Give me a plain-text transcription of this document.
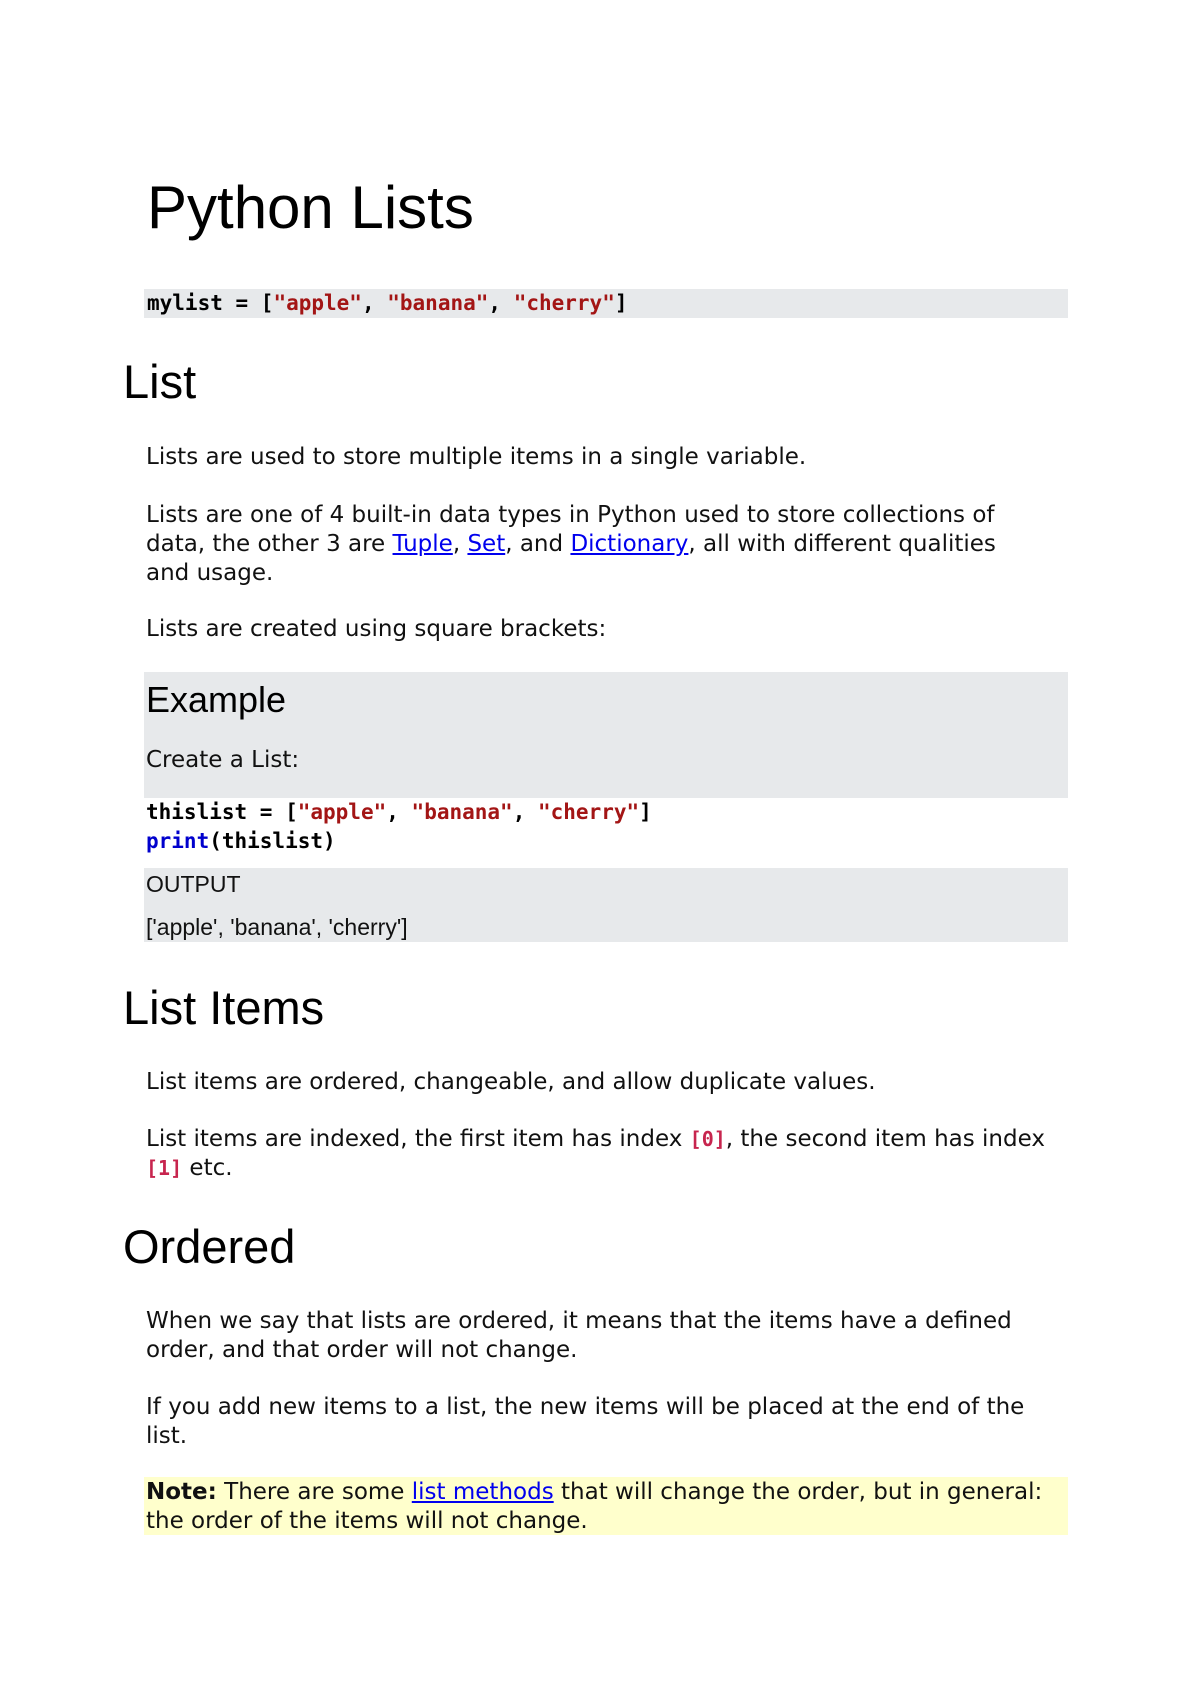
Python Lists
mylist = ["apple", "banana", "cherry"]
List
Lists are used to store multiple items in a single variable.
Lists are one of 4 built-in data types in Python used to store collections of data, the other 3 are Tuple, Set, and Dictionary, all with different qualities and usage.
Lists are created using square brackets:
Example
Create a List:
thislist = ["apple", "banana", "cherry"]
print(thislist)
OUTPUT
['apple', 'banana', 'cherry']
List Items
List items are ordered, changeable, and allow duplicate values.
List items are indexed, the first item has index [0], the second item has index [1] etc.
Ordered
When we say that lists are ordered, it means that the items have a defined order, and that order will not change.
If you add new items to a list, the new items will be placed at the end of the list.
Note: There are some list methods that will change the order, but in general: the order of the items will not change.
